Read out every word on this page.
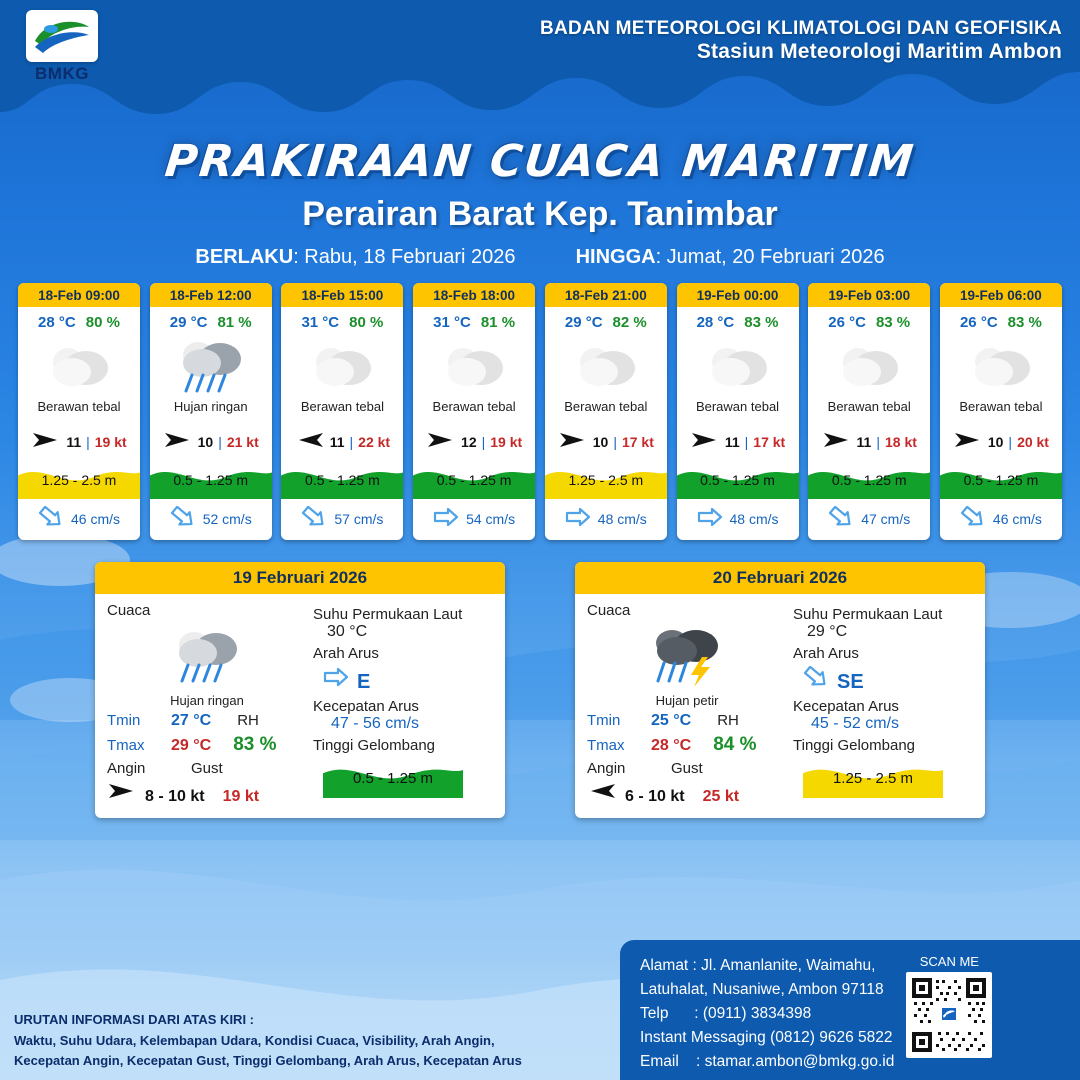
BMKG
BADAN METEOROLOGI KLIMATOLOGI DAN GEOFISIKA
Stasiun Meteorologi Maritim Ambon
PRAKIRAAN CUACA MARITIM
Perairan Barat Kep. Tanimbar
BERLAKU: Rabu, 18 Februari 2026	HINGGA: Jumat, 20 Februari 2026
18-Feb 09:00
28 °C 80 %
Berawan tebal
11 | 19 kt
1.25 - 2.5 m
46 cm/s
18-Feb 12:00
29 °C 81 %
Hujan ringan
10 | 21 kt
0.5 - 1.25 m
52 cm/s
18-Feb 15:00
31 °C 80 %
Berawan tebal
11 | 22 kt
0.5 - 1.25 m
57 cm/s
18-Feb 18:00
31 °C 81 %
Berawan tebal
12 | 19 kt
0.5 - 1.25 m
54 cm/s
18-Feb 21:00
29 °C 82 %
Berawan tebal
10 | 17 kt
1.25 - 2.5 m
48 cm/s
19-Feb 00:00
28 °C 83 %
Berawan tebal
11 | 17 kt
0.5 - 1.25 m
48 cm/s
19-Feb 03:00
26 °C 83 %
Berawan tebal
11 | 18 kt
0.5 - 1.25 m
47 cm/s
19-Feb 06:00
26 °C 83 %
Berawan tebal
10 | 20 kt
0.5 - 1.25 m
46 cm/s
19 Februari 2026
Cuaca
Hujan ringan
Tmin	27 °C RH
Tmax	29 °C 83 %
Angin	Gust
8 - 10 kt 19 kt
Suhu Permukaan Laut
30 °C
Arah Arus
E
Kecepatan Arus
47 - 56 cm/s
Tinggi Gelombang
0.5 - 1.25 m
20 Februari 2026
Cuaca
Hujan petir
Tmin	25 °C RH
Tmax	28 °C 84 %
Angin	Gust
6 - 10 kt 25 kt
Suhu Permukaan Laut
29 °C
Arah Arus
SE
Kecepatan Arus
45 - 52 cm/s
Tinggi Gelombang
1.25 - 2.5 m
URUTAN INFORMASI DARI ATAS KIRI :
Waktu, Suhu Udara, Kelembapan Udara, Kondisi Cuaca, Visibility, Arah Angin,
Kecepatan Angin, Kecepatan Gust, Tinggi Gelombang, Arah Arus, Kecepatan Arus
Alamat : Jl. Amanlanite, Waimahu,
Latuhalat, Nusaniwe, Ambon 97118
Telp      : (0911) 3834398
Instant Messaging (0812) 9626 5822
Email    : stamar.ambon@bmkg.go.id
SCAN ME
